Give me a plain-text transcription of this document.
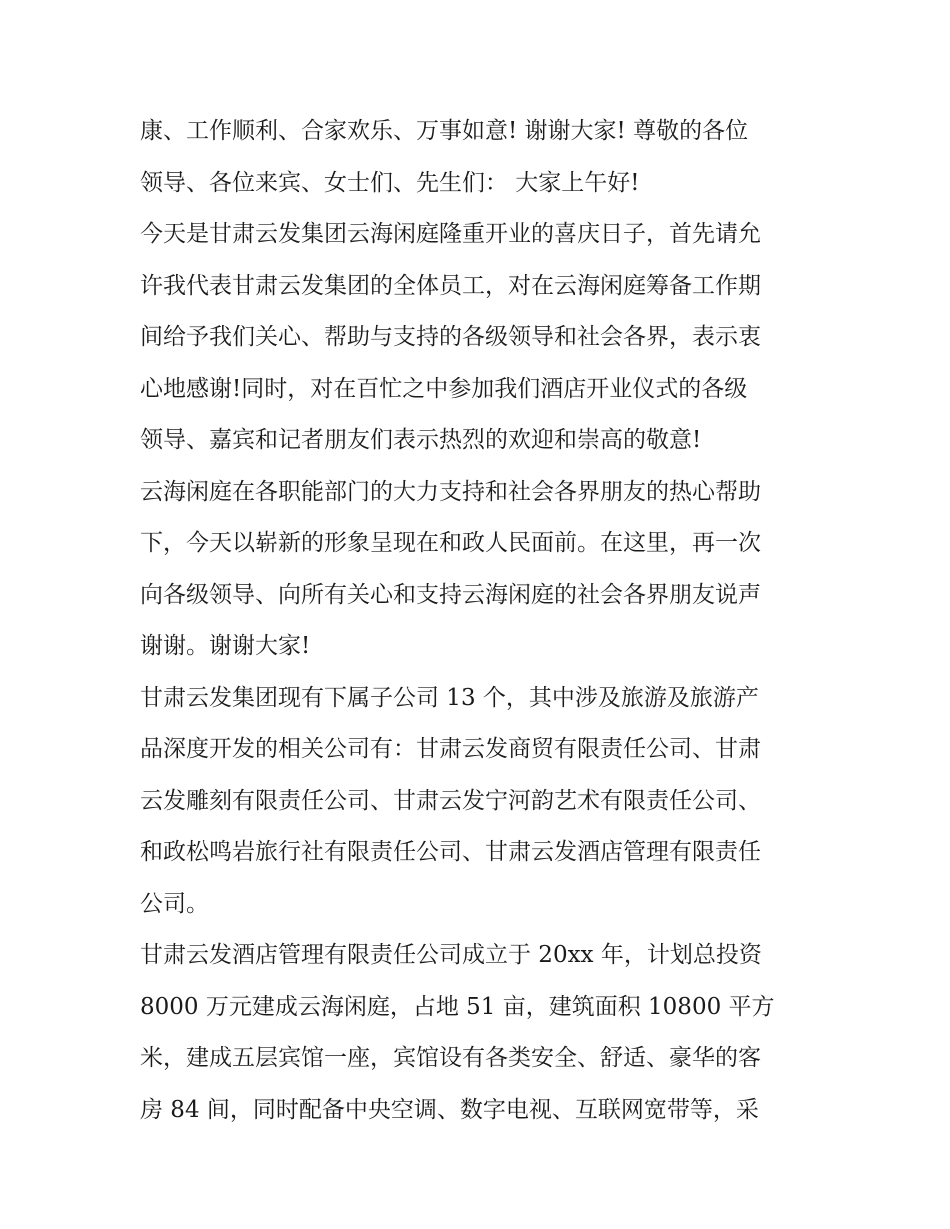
康、工作顺利、合家欢乐、万事如意! 谢谢大家! 尊敬的各位
领导、各位来宾、女士们、先生们： 大家上午好!
今天是甘肃云发集团云海闲庭隆重开业的喜庆日子，首先请允
许我代表甘肃云发集团的全体员工，对在云海闲庭筹备工作期
间给予我们关心、帮助与支持的各级领导和社会各界，表示衷
心地感谢!同时，对在百忙之中参加我们酒店开业仪式的各级
领导、嘉宾和记者朋友们表示热烈的欢迎和崇高的敬意!
云海闲庭在各职能部门的大力支持和社会各界朋友的热心帮助
下，今天以崭新的形象呈现在和政人民面前。在这里，再一次
向各级领导、向所有关心和支持云海闲庭的社会各界朋友说声
谢谢。谢谢大家!
甘肃云发集团现有下属子公司 13 个，其中涉及旅游及旅游产
品深度开发的相关公司有：甘肃云发商贸有限责任公司、甘肃
云发雕刻有限责任公司、甘肃云发宁河韵艺术有限责任公司、
和政松鸣岩旅行社有限责任公司、甘肃云发酒店管理有限责任
公司。
甘肃云发酒店管理有限责任公司成立于 20xx 年，计划总投资
8000 万元建成云海闲庭，占地 51 亩，建筑面积 10800 平方
米，建成五层宾馆一座，宾馆设有各类安全、舒适、豪华的客
房 84 间，同时配备中央空调、数字电视、互联网宽带等，采
